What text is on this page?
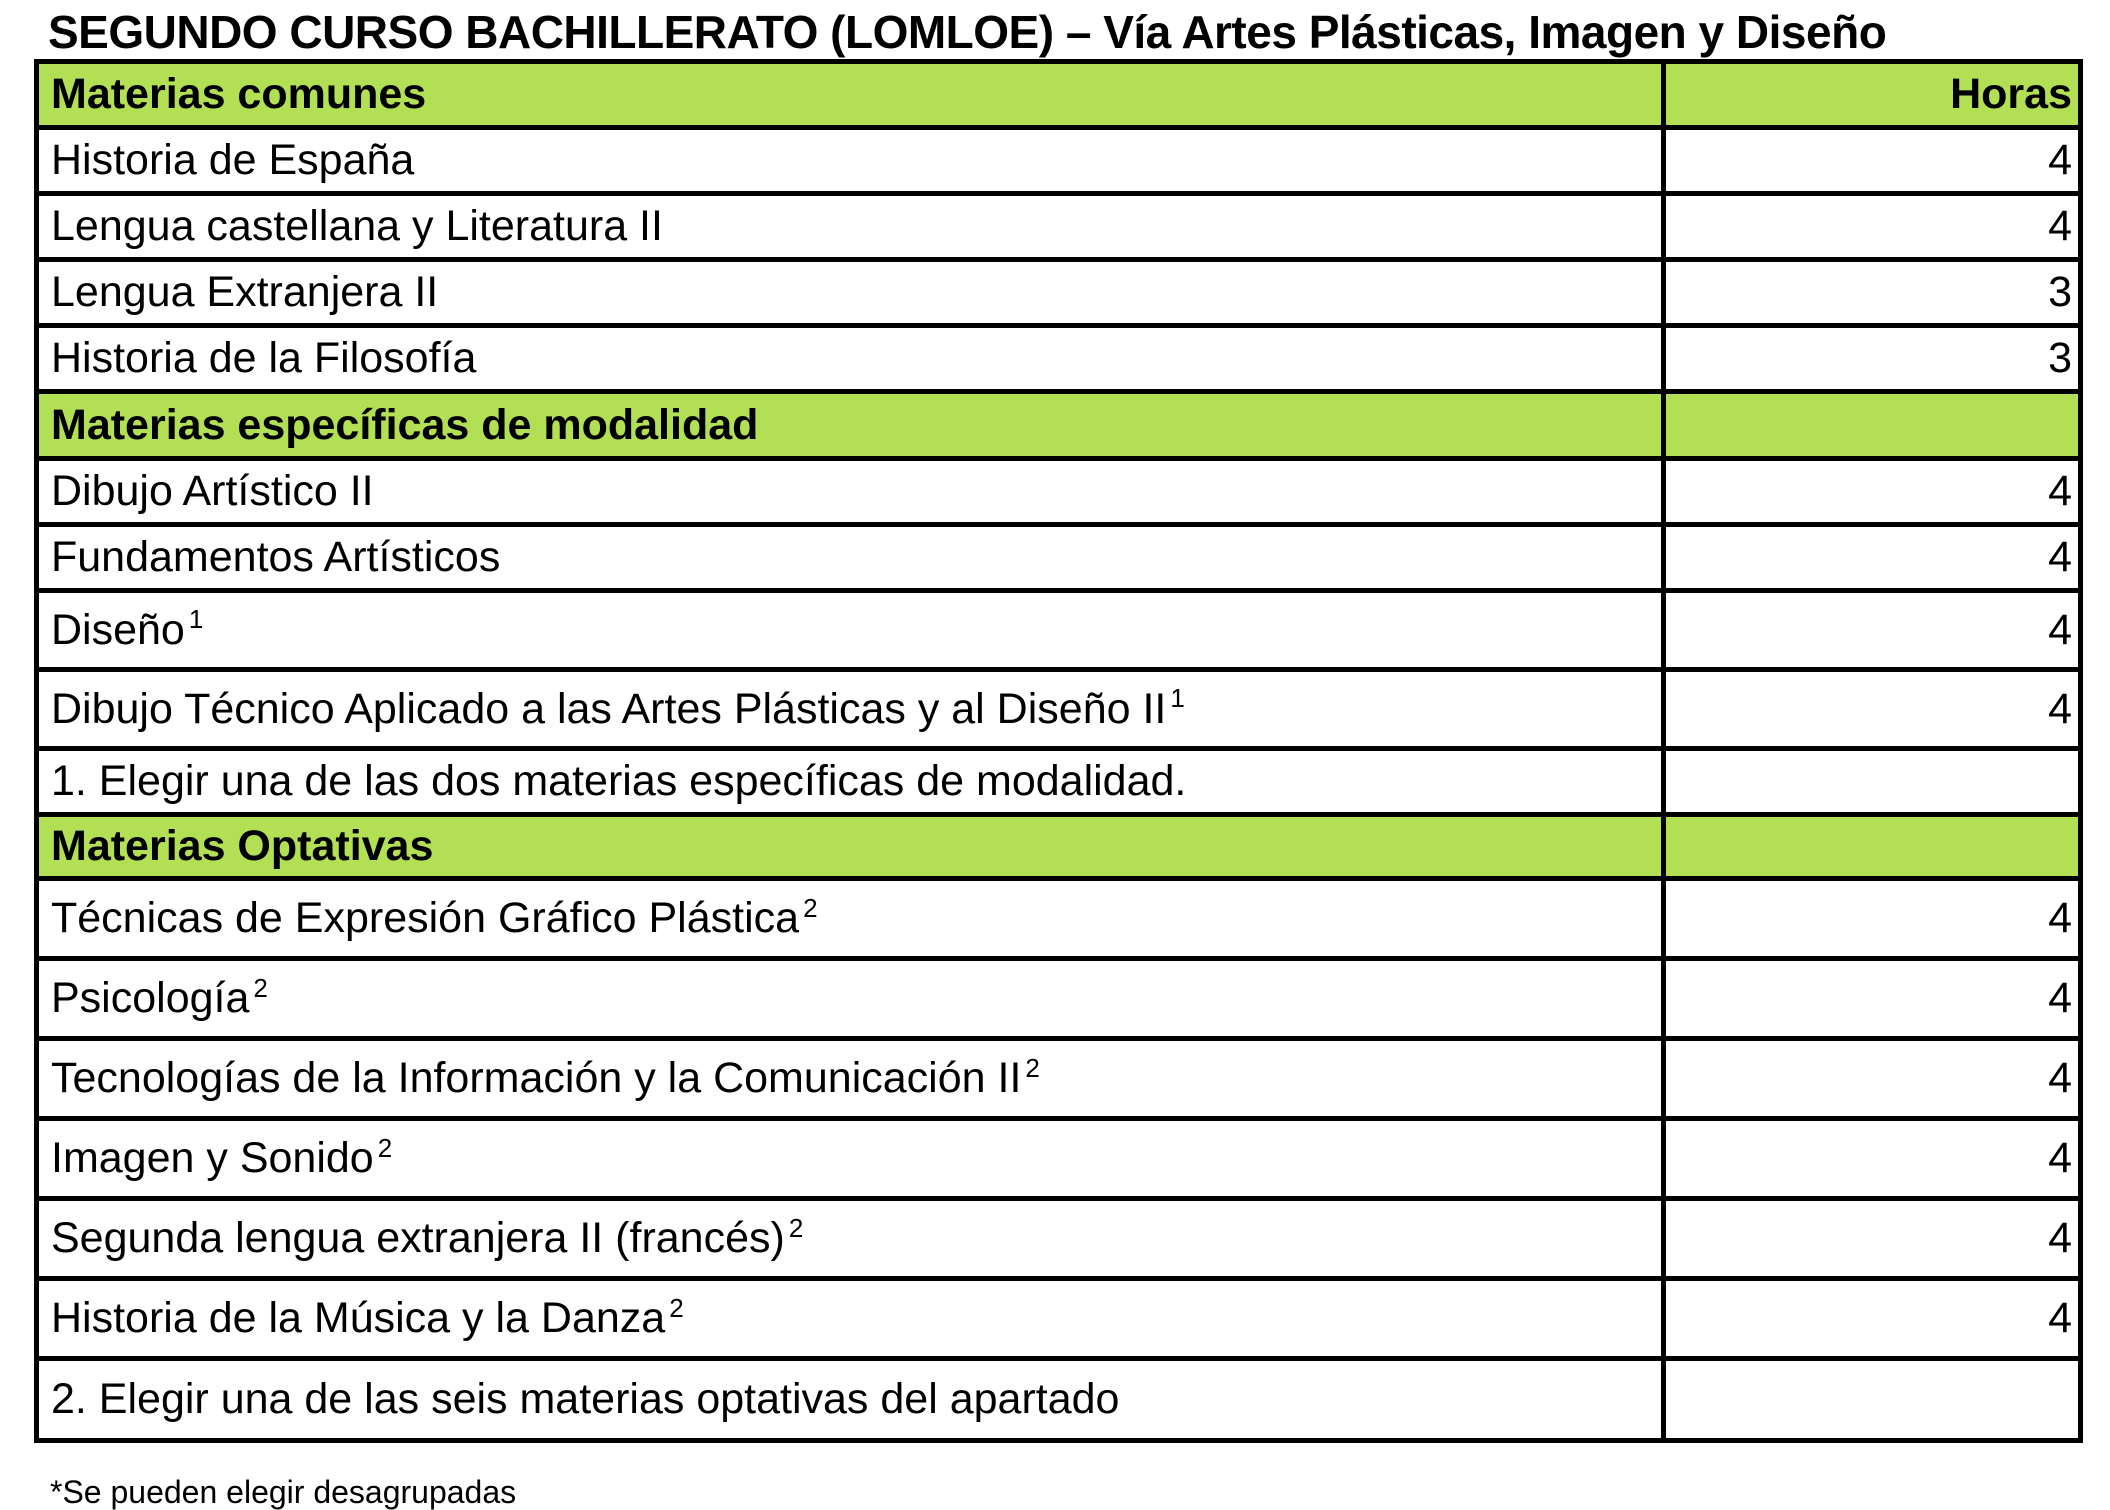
SEGUNDO CURSO BACHILLERATO (LOMLOE) – Vía Artes Plásticas, Imagen y Diseño
Materias comunes	Horas
Historia de España	4
Lengua castellana y Literatura II	4
Lengua Extranjera II	3
Historia de la Filosofía	3
Materias específicas de modalidad	
Dibujo Artístico II	4
Fundamentos Artísticos	4
Diseño $^1$	4
Dibujo Técnico Aplicado a las Artes Plásticas y al Diseño II $^1$	4
1. Elegir una de las dos materias específicas de modalidad.	
Materias Optativas	
Técnicas de Expresión Gráfico Plástica $^2$	4
Psicología $^2$	4
Tecnologías de la Información y la Comunicación II $^2$	4
Imagen y Sonido $^2$	4
Segunda lengua extranjera II (francés) $^2$	4
Historia de la Música y la Danza $^2$	4
2. Elegir una de las seis materias optativas del apartado	
*Se pueden elegir desagrupadas
